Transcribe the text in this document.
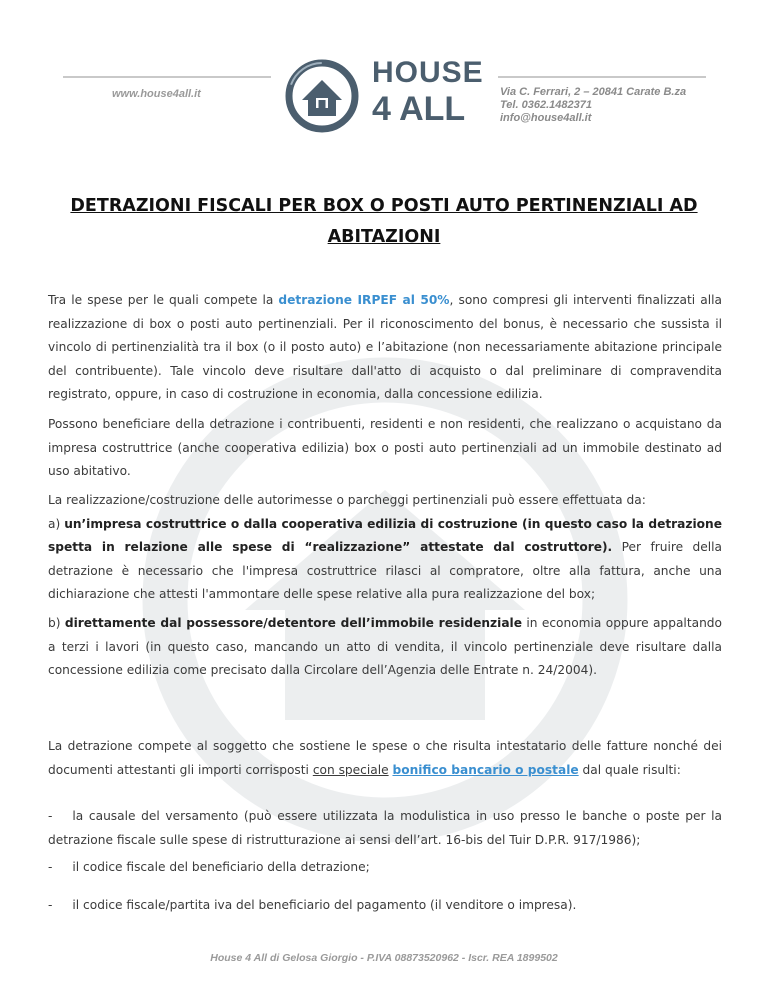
www.house4all.it
HOUSE
4 ALL	Via C. Ferrari, 2 – 20841 Carate B.za
Tel. 0362.1482371
info@house4all.it
DETRAZIONI FISCALI PER BOX O POSTI AUTO PERTINENZIALI AD
ABITAZIONI
Tra le spese per le quali compete la detrazione IRPEF al 50%, sono compresi gli interventi finalizzati alla realizzazione di box o posti auto pertinenziali. Per il riconoscimento del bonus, è necessario che sussista il vincolo di pertinenzialità tra il box (o il posto auto) e l’abitazione (non necessariamente abitazione principale del contribuente). Tale vincolo deve risultare dall'atto di acquisto o dal preliminare di compravendita registrato, oppure, in caso di costruzione in economia, dalla concessione edilizia.
Possono beneficiare della detrazione i contribuenti, residenti e non residenti, che realizzano o acquistano da impresa costruttrice (anche cooperativa edilizia) box o posti auto pertinenziali ad un immobile destinato ad uso abitativo.
La realizzazione/costruzione delle autorimesse o parcheggi pertinenziali può essere effettuata da:
a) un’impresa costruttrice o dalla cooperativa edilizia di costruzione (in questo caso la detrazione spetta in relazione alle spese di “realizzazione” attestate dal costruttore). Per fruire della detrazione è necessario che l'impresa costruttrice rilasci al compratore, oltre alla fattura, anche una dichiarazione che attesti l'ammontare delle spese relative alla pura realizzazione del box;
b) direttamente dal possessore/detentore dell’immobile residenziale in economia oppure appaltando a terzi i lavori (in questo caso, mancando un atto di vendita, il vincolo pertinenziale deve risultare dalla concessione edilizia come precisato dalla Circolare dell’Agenzia delle Entrate n. 24/2004).
La detrazione compete al soggetto che sostiene le spese o che risulta intestatario delle fatture nonché dei documenti attestanti gli importi corrisposti con speciale bonifico bancario o postale dal quale risulti:
- la causale del versamento (può essere utilizzata la modulistica in uso presso le banche o poste per la detrazione fiscale sulle spese di ristrutturazione ai sensi dell’art. 16-bis del Tuir D.P.R. 917/1986);
- il codice fiscale del beneficiario della detrazione;
- il codice fiscale/partita iva del beneficiario del pagamento (il venditore o impresa).
House 4 All di Gelosa Giorgio - P.IVA 08873520962 - Iscr. REA 1899502
